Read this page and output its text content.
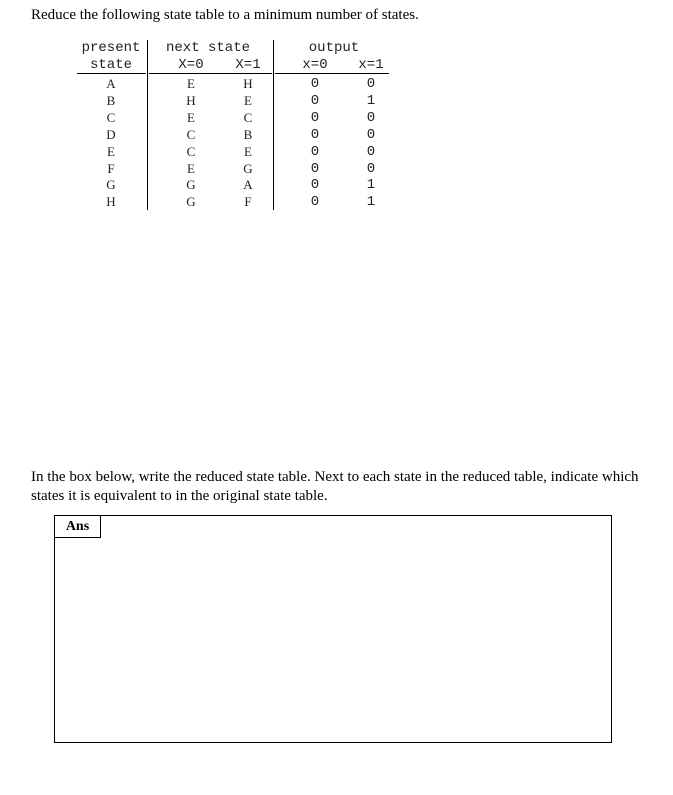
Reduce the following state table to a minimum number of states.
present	next state	output
state	X=0	X=1	x=0	x=1
A	E	H	0	0
B	H	E	0	1
C	E	C	0	0
D	C	B	0	0
E	C	E	0	0
F	E	G	0	0
G	G	A	0	1
H	G	F	0	1
In the box below, write the reduced state table. Next to each state in the reduced table, indicate which states it is equivalent to in the original state table.
Ans
